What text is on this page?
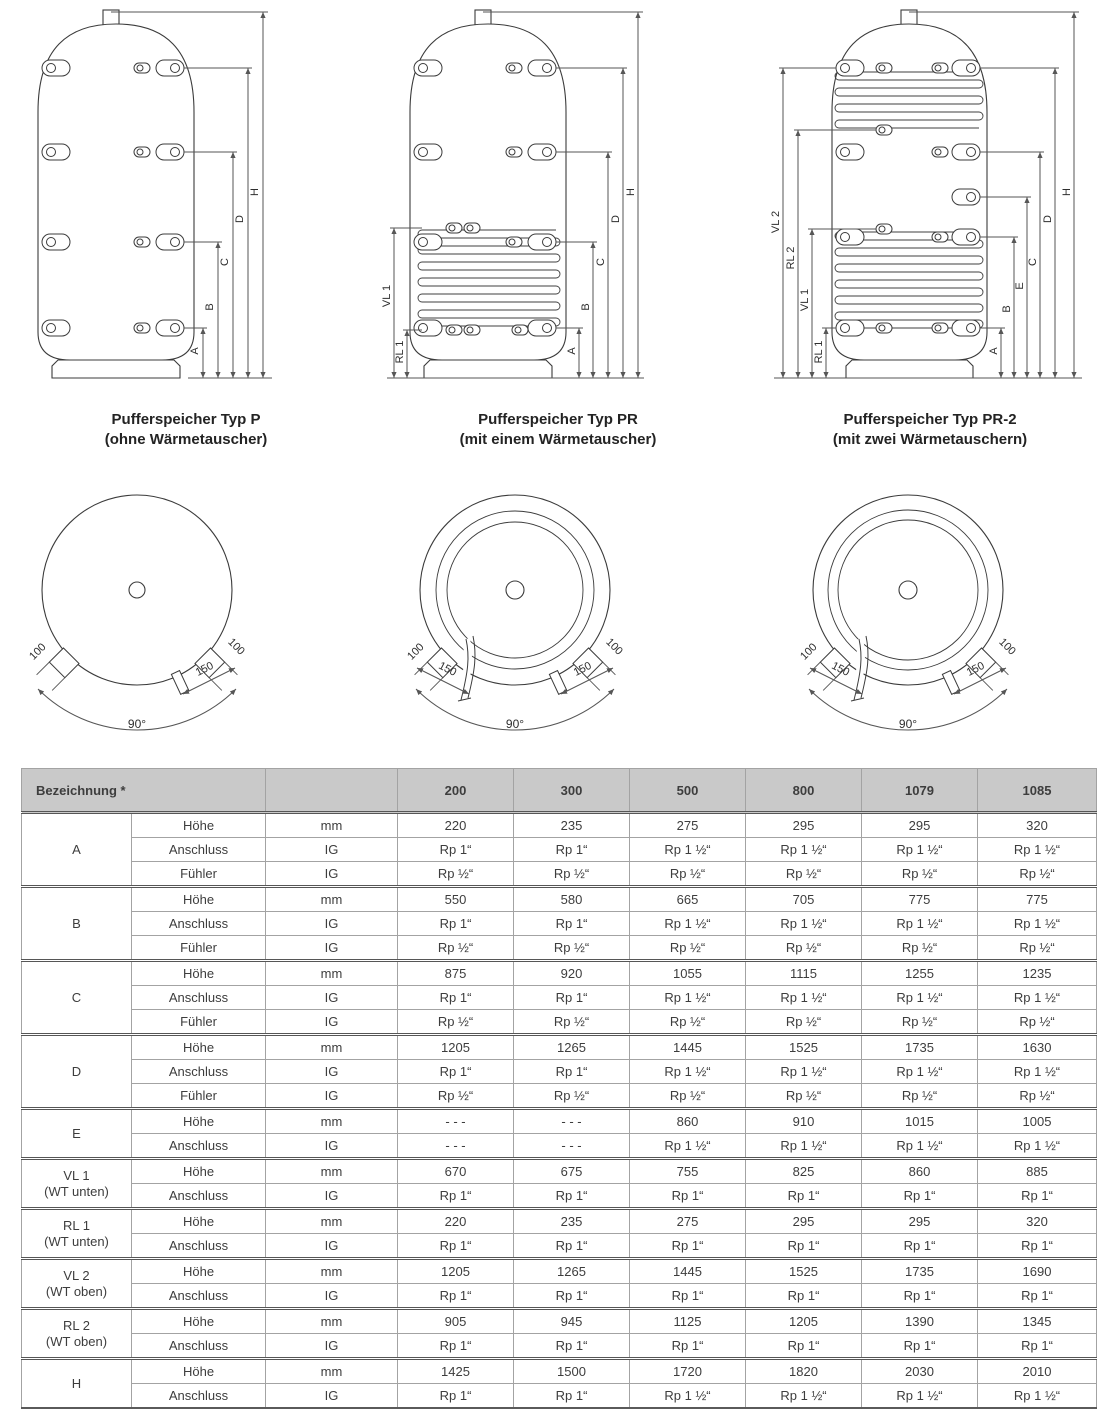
A
B
C
D
H
Pufferspeicher Typ P
(ohne Wärmetauscher)
A
B
C
D
H
VL 1
RL 1
Pufferspeicher Typ PR
(mit einem Wärmetauscher)
A
B
E
C
D
H
VL 2
RL 2
VL 1
RL 1
Pufferspeicher Typ PR-2
(mit zwei Wärmetauschern)
100	100
150
90°
100	100
150	150
90°
100	100
150	150
90°
Bezeichnung *			200	300	500	800	1079	1085
A	Höhe	mm	220	235	275	295	295	320
	Anschluss	IG	Rp 1“	Rp 1“	Rp 1 ½“	Rp 1 ½“	Rp 1 ½“	Rp 1 ½“
	Fühler	IG	Rp ½“	Rp ½“	Rp ½“	Rp ½“	Rp ½“	Rp ½“
B	Höhe	mm	550	580	665	705	775	775
	Anschluss	IG	Rp 1“	Rp 1“	Rp 1 ½“	Rp 1 ½“	Rp 1 ½“	Rp 1 ½“
	Fühler	IG	Rp ½“	Rp ½“	Rp ½“	Rp ½“	Rp ½“	Rp ½“
C	Höhe	mm	875	920	1055	1115	1255	1235
	Anschluss	IG	Rp 1“	Rp 1“	Rp 1 ½“	Rp 1 ½“	Rp 1 ½“	Rp 1 ½“
	Fühler	IG	Rp ½“	Rp ½“	Rp ½“	Rp ½“	Rp ½“	Rp ½“
D	Höhe	mm	1205	1265	1445	1525	1735	1630
	Anschluss	IG	Rp 1“	Rp 1“	Rp 1 ½“	Rp 1 ½“	Rp 1 ½“	Rp 1 ½“
	Fühler	IG	Rp ½“	Rp ½“	Rp ½“	Rp ½“	Rp ½“	Rp ½“
E	Höhe	mm	- - -	- - -	860	910	1015	1005
	Anschluss	IG	- - -	- - -	Rp 1 ½“	Rp 1 ½“	Rp 1 ½“	Rp 1 ½“
VL 1
(WT unten)	Höhe	mm	670	675	755	825	860	885
	Anschluss	IG	Rp 1“	Rp 1“	Rp 1“	Rp 1“	Rp 1“	Rp 1“
RL 1
(WT unten)	Höhe	mm	220	235	275	295	295	320
	Anschluss	IG	Rp 1“	Rp 1“	Rp 1“	Rp 1“	Rp 1“	Rp 1“
VL 2
(WT oben)	Höhe	mm	1205	1265	1445	1525	1735	1690
	Anschluss	IG	Rp 1“	Rp 1“	Rp 1“	Rp 1“	Rp 1“	Rp 1“
RL 2
(WT oben)	Höhe	mm	905	945	1125	1205	1390	1345
	Anschluss	IG	Rp 1“	Rp 1“	Rp 1“	Rp 1“	Rp 1“	Rp 1“
H	Höhe	mm	1425	1500	1720	1820	2030	2010
	Anschluss	IG	Rp 1“	Rp 1“	Rp 1 ½“	Rp 1 ½“	Rp 1 ½“	Rp 1 ½“
